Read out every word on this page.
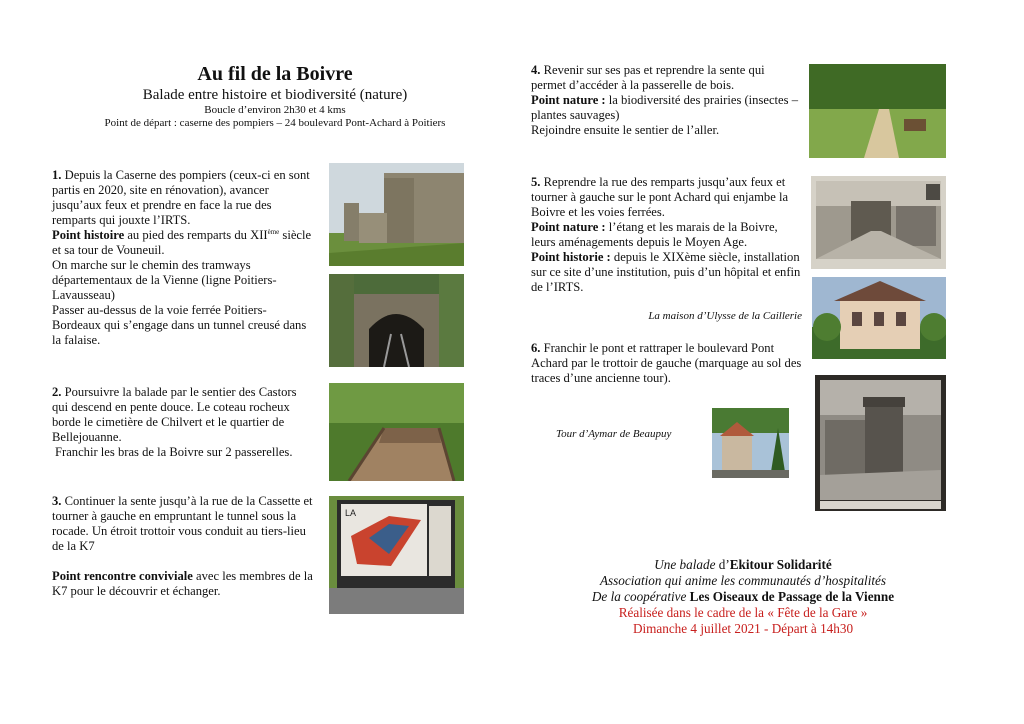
Au fil de la Boivre
Balade entre histoire et biodiversité (nature)
Boucle d’environ 2h30 et 4 kms
Point de départ : caserne des pompiers – 24 boulevard Pont-Achard à Poitiers
1. Depuis la Caserne des pompiers (ceux-ci en sont partis en 2020, site en rénovation), avancer jusqu’aux feux et prendre en face la rue des remparts qui jouxte l’IRTS.
Point histoire au pied des remparts du XIIème siècle et sa tour de Vouneuil.
On marche sur le chemin des tramways départementaux de la Vienne (ligne Poitiers-Lavausseau)
Passer au-dessus de la voie ferrée Poitiers-Bordeaux qui s’engage dans un tunnel creusé dans la falaise.
2. Poursuivre la balade par le sentier des Castors qui descend en pente douce. Le coteau rocheux borde le cimetière de Chilvert et le quartier de Bellejouanne.
Franchir les bras de la Boivre sur 2 passerelles.
3. Continuer la sente jusqu’à la rue de la Cassette et tourner à gauche en empruntant le tunnel sous la rocade. Un étroit trottoir vous conduit au tiers-lieu de la K7
Point rencontre conviviale avec les membres de la K7 pour le découvrir et échanger.
LA
4. Revenir sur ses pas et reprendre la sente qui permet d’accéder à la passerelle de bois.
Point nature : la biodiversité des prairies (insectes – plantes sauvages)
Rejoindre ensuite le sentier de l’aller.
5. Reprendre la rue des remparts jusqu’aux feux et tourner à gauche sur le pont Achard qui enjambe la Boivre et les voies ferrées.
Point nature : l’étang et les marais de la Boivre, leurs aménagements depuis le Moyen Age.
Point historie : depuis le XIXème siècle, installation sur ce site d’une institution, puis d’un hôpital et enfin de l’IRTS.
La maison d’Ulysse de la Caillerie
6. Franchir le pont et rattraper le boulevard Pont Achard par le trottoir de gauche (marquage au sol des traces d’une ancienne tour).
Tour d’Aymar de Beaupuy
Une balade d’Ekitour Solidarité
Association qui anime les communautés d’hospitalités
De la coopérative Les Oiseaux de Passage de la Vienne
Réalisée dans le cadre de la « Fête de la Gare »
Dimanche 4 juillet 2021 - Départ à 14h30
